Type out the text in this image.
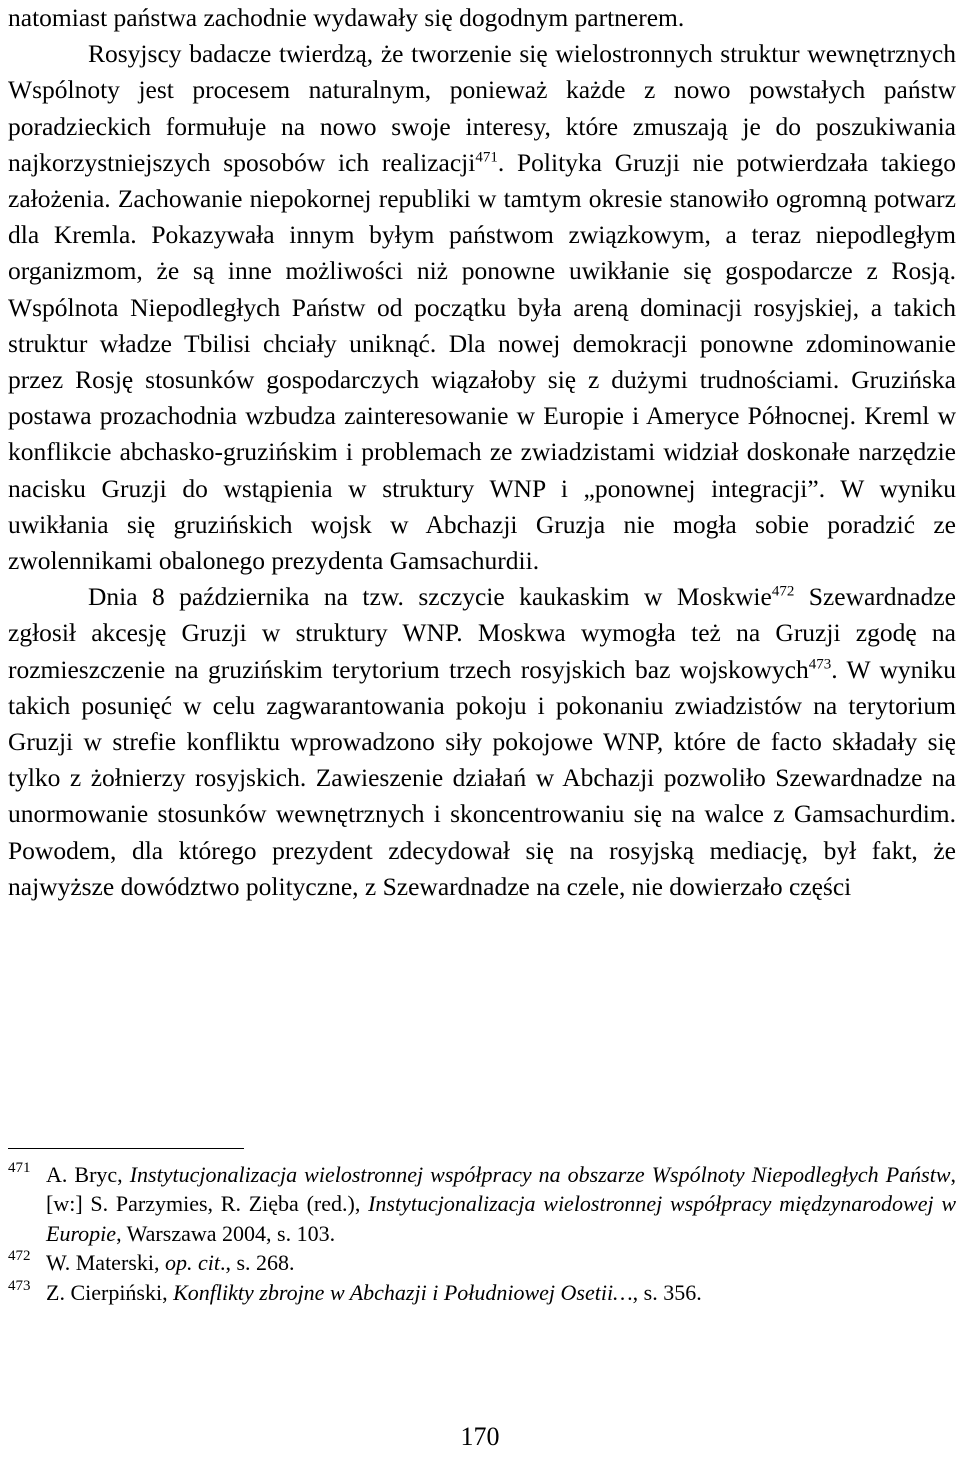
natomiast państwa zachodnie wydawały się dogodnym partnerem.

Rosyjscy badacze twierdzą, że tworzenie się wielostronnych struktur wewnętrznych Wspólnoty jest procesem naturalnym, ponieważ każde z nowo powstałych państw poradzieckich formułuje na nowo swoje interesy, które zmuszają je do poszukiwania najkorzystniejszych sposobów ich realizacji$^{471}$. Polityka Gruzji nie potwierdzała takiego założenia. Zachowanie niepokornej republiki w tamtym okresie stanowiło ogromną potwarz dla Kremla. Pokazywała innym byłym państwom związkowym, a teraz niepodległym organizmom, że są inne możliwości niż ponowne uwikłanie się gospodarcze z Rosją. Wspólnota Niepodległych Państw od początku była areną dominacji rosyjskiej, a takich struktur władze Tbilisi chciały uniknąć. Dla nowej demokracji ponowne zdominowanie przez Rosję stosunków gospodarczych wiązałoby się z dużymi trudnościami. Gruzińska postawa prozachodnia wzbudza zainteresowanie w Europie i Ameryce Północnej. Kreml w konflikcie abchasko-gruzińskim i problemach ze zwiadzistami widział doskonałe narzędzie nacisku Gruzji do wstąpienia w struktury WNP i „ponownej integracji”. W wyniku uwikłania się gruzińskich wojsk w Abchazji Gruzja nie mogła sobie poradzić ze zwolennikami obalonego prezydenta Gamsachurdii.

Dnia 8 października na tzw. szczycie kaukaskim w Moskwie$^{472}$ Szewardnadze zgłosił akcesję Gruzji w struktury WNP. Moskwa wymogła też na Gruzji zgodę na rozmieszczenie na gruzińskim terytorium trzech rosyjskich baz wojskowych$^{473}$. W wyniku takich posunięć w celu zagwarantowania pokoju i pokonaniu zwiadzistów na terytorium Gruzji w strefie konfliktu wprowadzono siły pokojowe WNP, które de facto składały się tylko z żołnierzy rosyjskich. Zawieszenie działań w Abchazji pozwoliło Szewardnadze na unormowanie stosunków wewnętrznych i skoncentrowaniu się na walce z Gamsachurdim. Powodem, dla którego prezydent zdecydował się na rosyjską mediację, był fakt, że najwyższe dowództwo polityczne, z Szewardnadze na czele, nie dowierzało części

471 A. Bryc, Instytucjonalizacja wielostronnej współpracy na obszarze Wspólnoty Niepodległych Państw, [w:] S. Parzymies, R. Zięba (red.), Instytucjonalizacja wielostronnej współpracy międzynarodowej w Europie, Warszawa 2004, s. 103.
472 W. Materski, op. cit., s. 268.
473 Z. Cierpiński, Konflikty zbrojne w Abchazji i Południowej Osetii…, s. 356.
170
